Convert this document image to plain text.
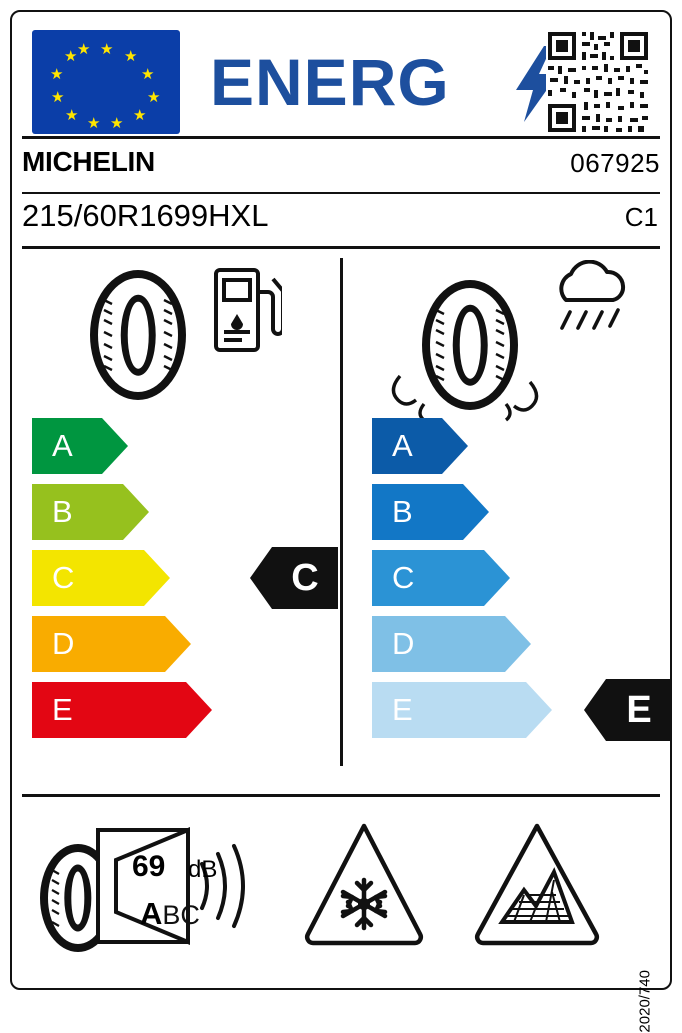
★ ★
★
★
★
★
★
★
★
★
★ ★ ENERG
MICHELIN	067925
215/60R1699HXL	C1
A
B
C
D
E
A
B
C
D
E
C
E
69 dB
ABC
2020/740
